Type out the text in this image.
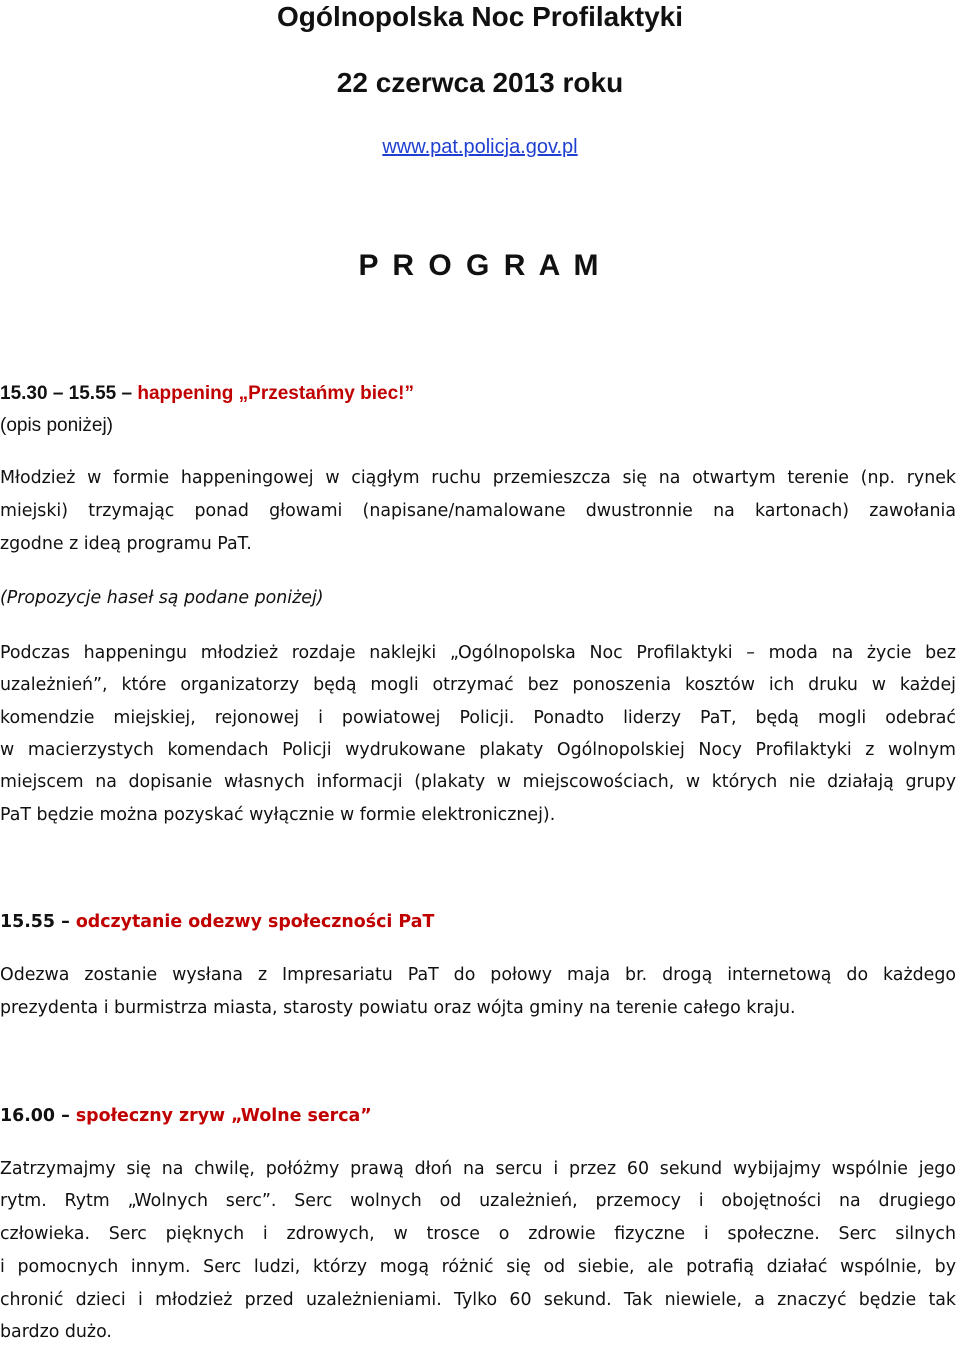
Ogólnopolska Noc Profilaktyki
22 czerwca 2013 roku
www.pat.policja.gov.pl
P R O G R A M
15.30 – 15.55 – happening „Przestańmy biec!”
(opis poniżej)
Młodzież w formie happeningowej w ciągłym ruchu przemieszcza się na otwartym terenie (np. rynek
miejski) trzymając ponad głowami (napisane/namalowane dwustronnie na kartonach) zawołania
zgodne z ideą programu PaT.
(Propozycje haseł są podane poniżej)
Podczas happeningu młodzież rozdaje naklejki „Ogólnopolska Noc Profilaktyki – moda na życie bez
uzależnień”, które organizatorzy będą mogli otrzymać bez ponoszenia kosztów ich druku w każdej
komendzie miejskiej, rejonowej i powiatowej Policji. Ponadto liderzy PaT, będą mogli odebrać
w macierzystych komendach Policji wydrukowane plakaty Ogólnopolskiej Nocy Profilaktyki z wolnym
miejscem na dopisanie własnych informacji (plakaty w miejscowościach, w których nie działają grupy
PaT będzie można pozyskać wyłącznie w formie elektronicznej).
15.55 – odczytanie odezwy społeczności PaT
Odezwa zostanie wysłana z Impresariatu PaT do połowy maja br. drogą internetową do każdego
prezydenta i burmistrza miasta, starosty powiatu oraz wójta gminy na terenie całego kraju.
16.00 – społeczny zryw „Wolne serca”
Zatrzymajmy się na chwilę, połóżmy prawą dłoń na sercu i przez 60 sekund wybijajmy wspólnie jego
rytm. Rytm „Wolnych serc”. Serc wolnych od uzależnień, przemocy i obojętności na drugiego
człowieka. Serc pięknych i zdrowych, w trosce o zdrowie fizyczne i społeczne. Serc silnych
i pomocnych innym. Serc ludzi, którzy mogą różnić się od siebie, ale potrafią działać wspólnie, by
chronić dzieci i młodzież przed uzależnieniami. Tylko 60 sekund. Tak niewiele, a znaczyć będzie tak
bardzo dużo.
